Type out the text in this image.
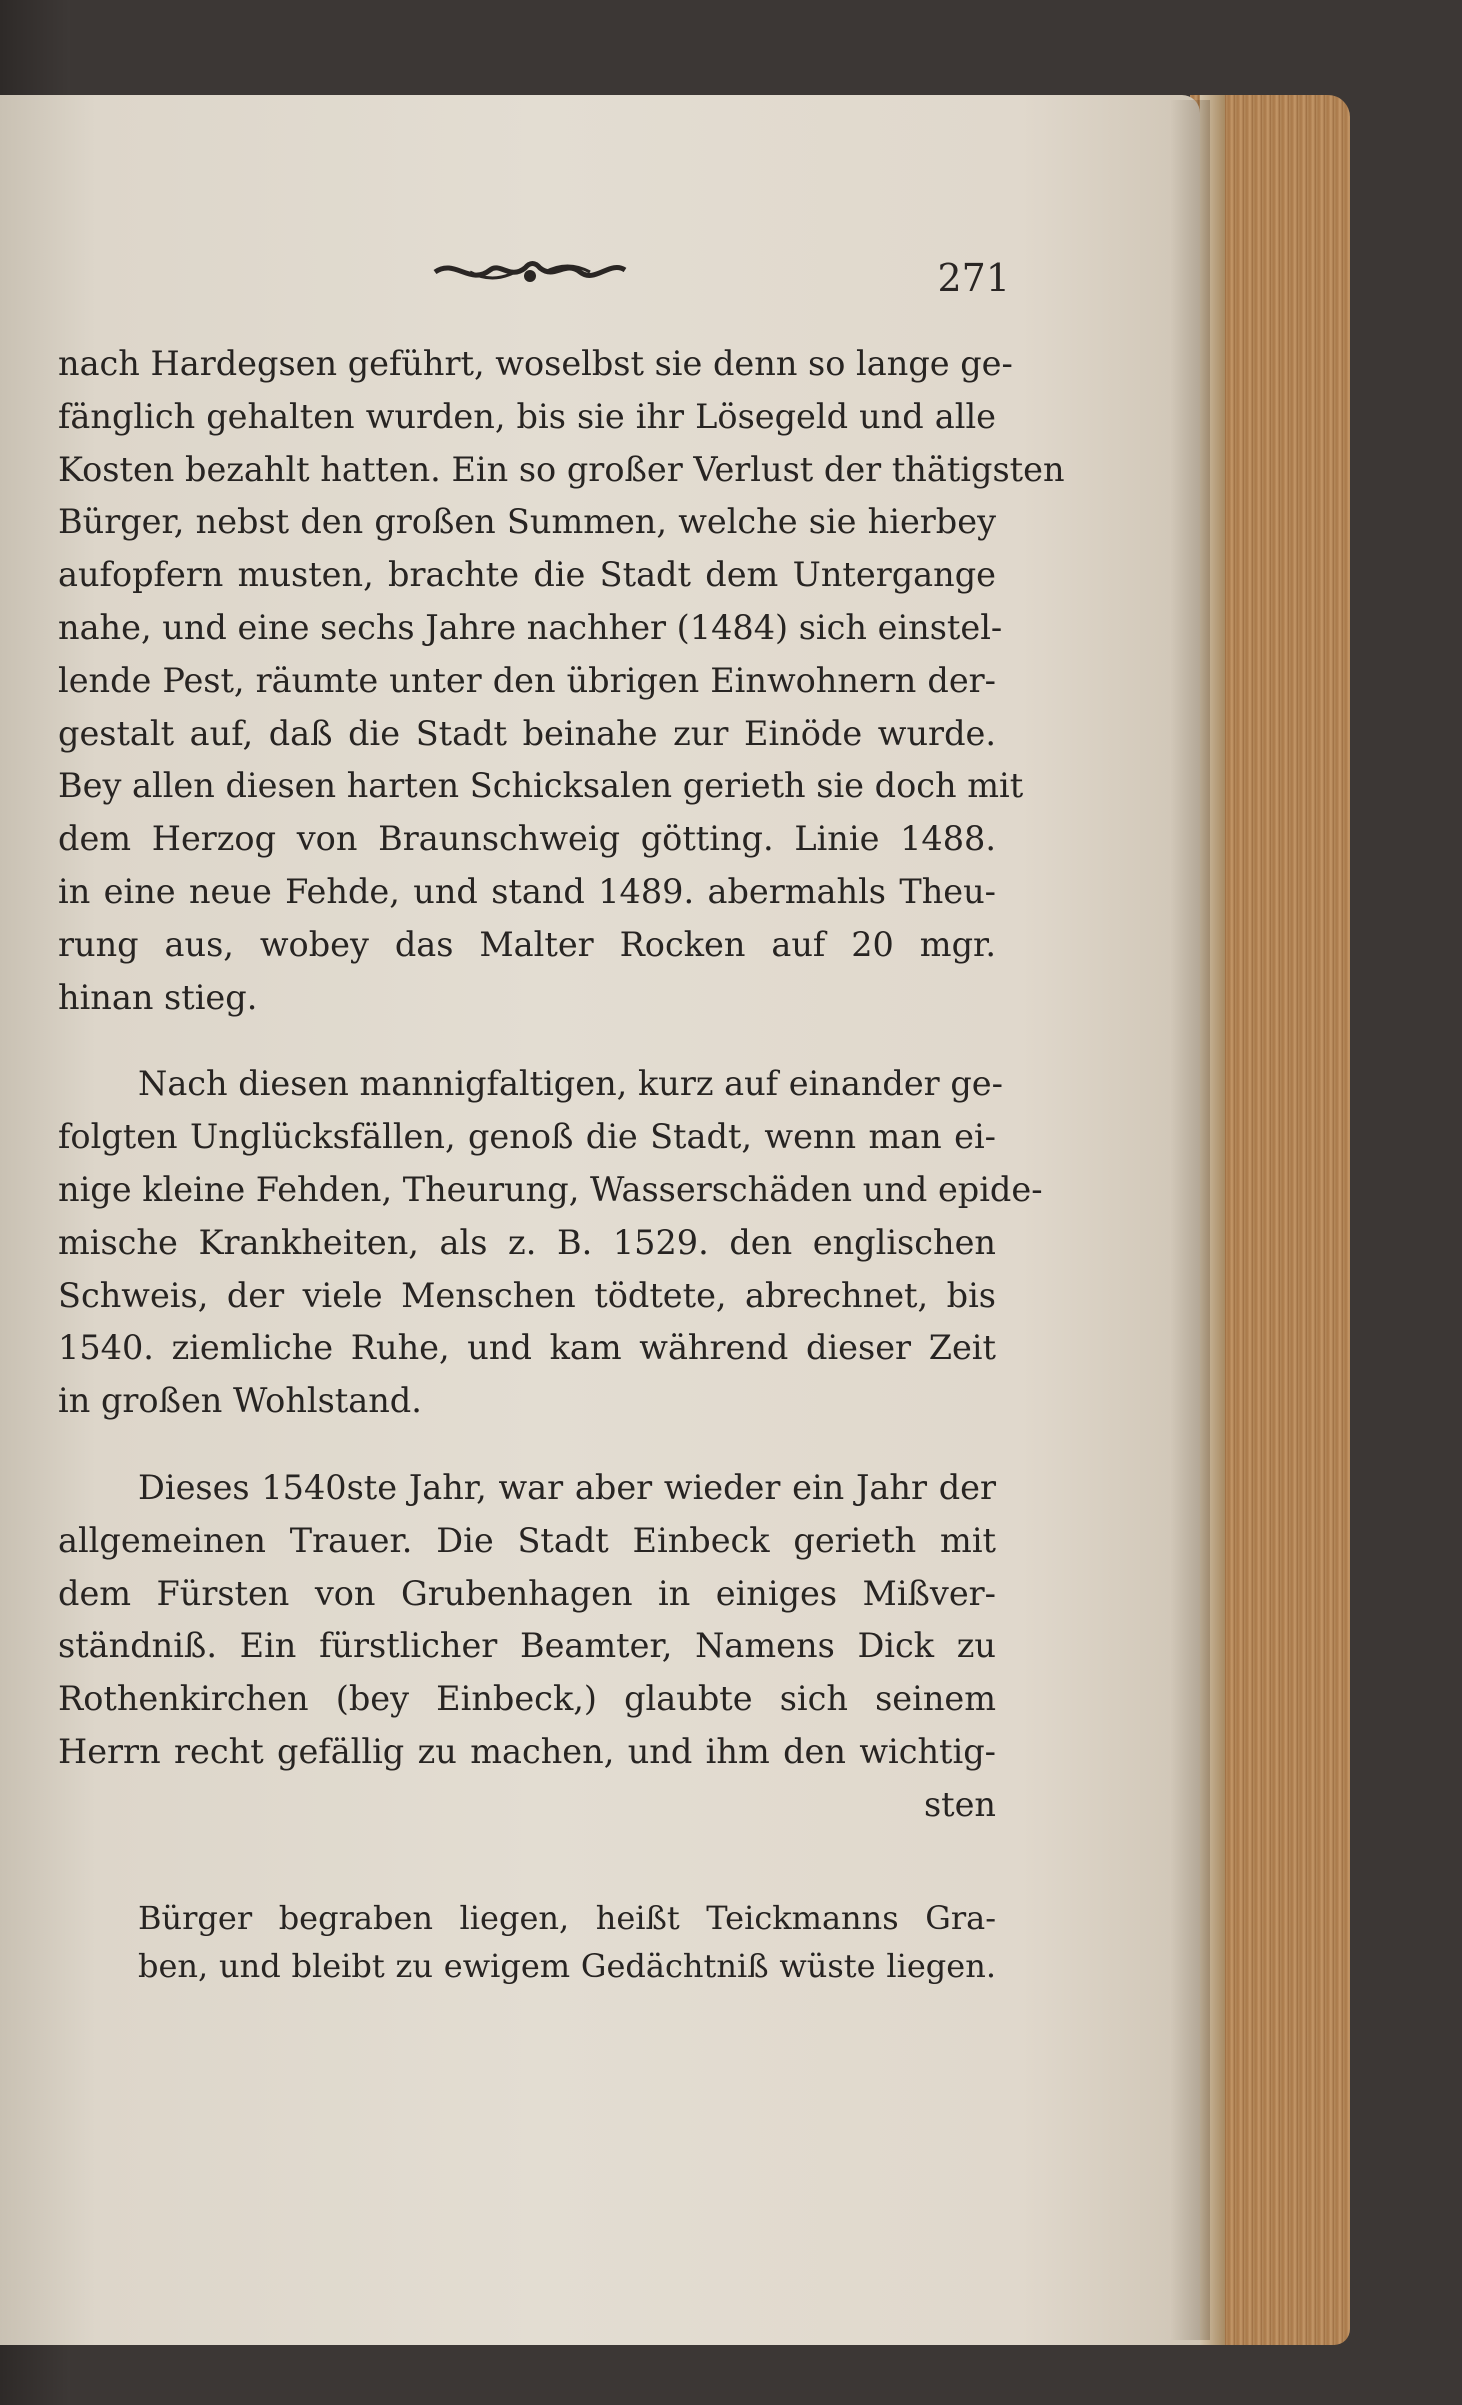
271
nach Hardegsen geführt, woselbst sie denn so lange ge-
fänglich gehalten wurden, bis sie ihr Lösegeld und alle
Kosten bezahlt hatten. Ein so großer Verlust der thätigsten
Bürger, nebst den großen Summen, welche sie hierbey
aufopfern musten, brachte die Stadt dem Untergange
nahe, und eine sechs Jahre nachher (1484) sich einstel-
lende Pest, räumte unter den übrigen Einwohnern der-
gestalt auf, daß die Stadt beinahe zur Einöde wurde.
Bey allen diesen harten Schicksalen gerieth sie doch mit
dem Herzog von Braunschweig götting. Linie 1488.
in eine neue Fehde, und stand 1489. abermahls Theu-
rung aus, wobey das Malter Rocken auf 20 mgr.
hinan stieg.
Nach diesen mannigfaltigen, kurz auf einander ge-
folgten Unglücksfällen, genoß die Stadt, wenn man ei-
nige kleine Fehden, Theurung, Wasserschäden und epide-
mische Krankheiten, als z. B. 1529. den englischen
Schweis, der viele Menschen tödtete, abrechnet, bis
1540. ziemliche Ruhe, und kam während dieser Zeit
in großen Wohlstand.
Dieses 1540ste Jahr, war aber wieder ein Jahr der
allgemeinen Trauer. Die Stadt Einbeck gerieth mit
dem Fürsten von Grubenhagen in einiges Mißver-
ständniß. Ein fürstlicher Beamter, Namens Dick zu
Rothenkirchen (bey Einbeck,) glaubte sich seinem
Herrn recht gefällig zu machen, und ihm den wichtig-
sten
Bürger begraben liegen, heißt Teickmanns Gra-
ben, und bleibt zu ewigem Gedächtniß wüste liegen.
